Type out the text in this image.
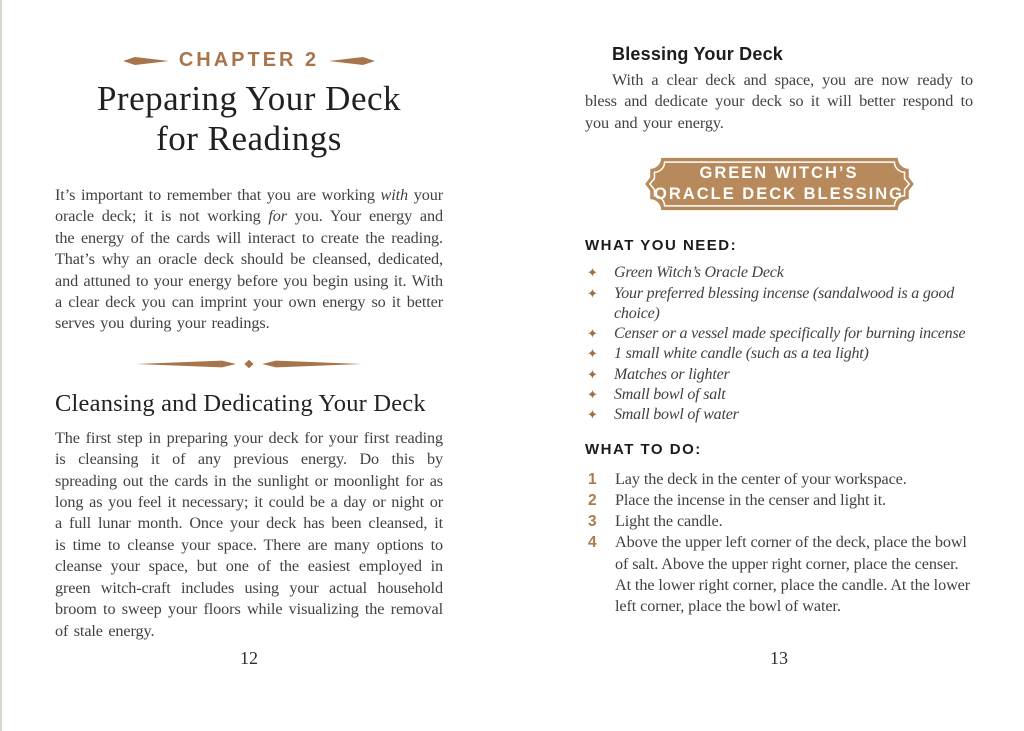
CHAPTER 2
Preparing Your Deck
for Readings

It’s important to remember that you are working with your oracle deck; it is not working for you. Your energy and the energy of the cards will interact to create the reading. That’s why an oracle deck should be cleansed, dedicated, and attuned to your energy before you begin using it. With a clear deck you can imprint your own energy so it better serves you during your readings.

Cleansing and Dedicating Your Deck

The first step in preparing your deck for your first reading is cleansing it of any previous energy. Do this by spreading out the cards in the sunlight or moonlight for as long as you feel it necessary; it could be a day or night or a full lunar month. Once your deck has been cleansed, it is time to cleanse your space. There are many options to cleanse your space, but one of the easiest employed in green witch-craft includes using your actual household broom to sweep your floors while visualizing the removal of stale energy.

12
Blessing Your Deck

With a clear deck and space, you are now ready to bless and dedicate your deck so it will better respond to you and your energy.

GREEN WITCH’S
ORACLE DECK BLESSING
WHAT YOU NEED:
✦ Green Witch’s Oracle Deck
✦ Your preferred blessing incense (sandalwood is a good choice)
✦ Censer or a vessel made specifically for burning incense
✦ 1 small white candle (such as a tea light)
✦ Matches or lighter
✦ Small bowl of salt
✦ Small bowl of water
WHAT TO DO:
1 Lay the deck in the center of your workspace.
2 Place the incense in the censer and light it.
3 Light the candle.
4 Above the upper left corner of the deck, place the bowl of salt. Above the upper right corner, place the censer. At the lower right corner, place the candle. At the lower left corner, place the bowl of water.
13
